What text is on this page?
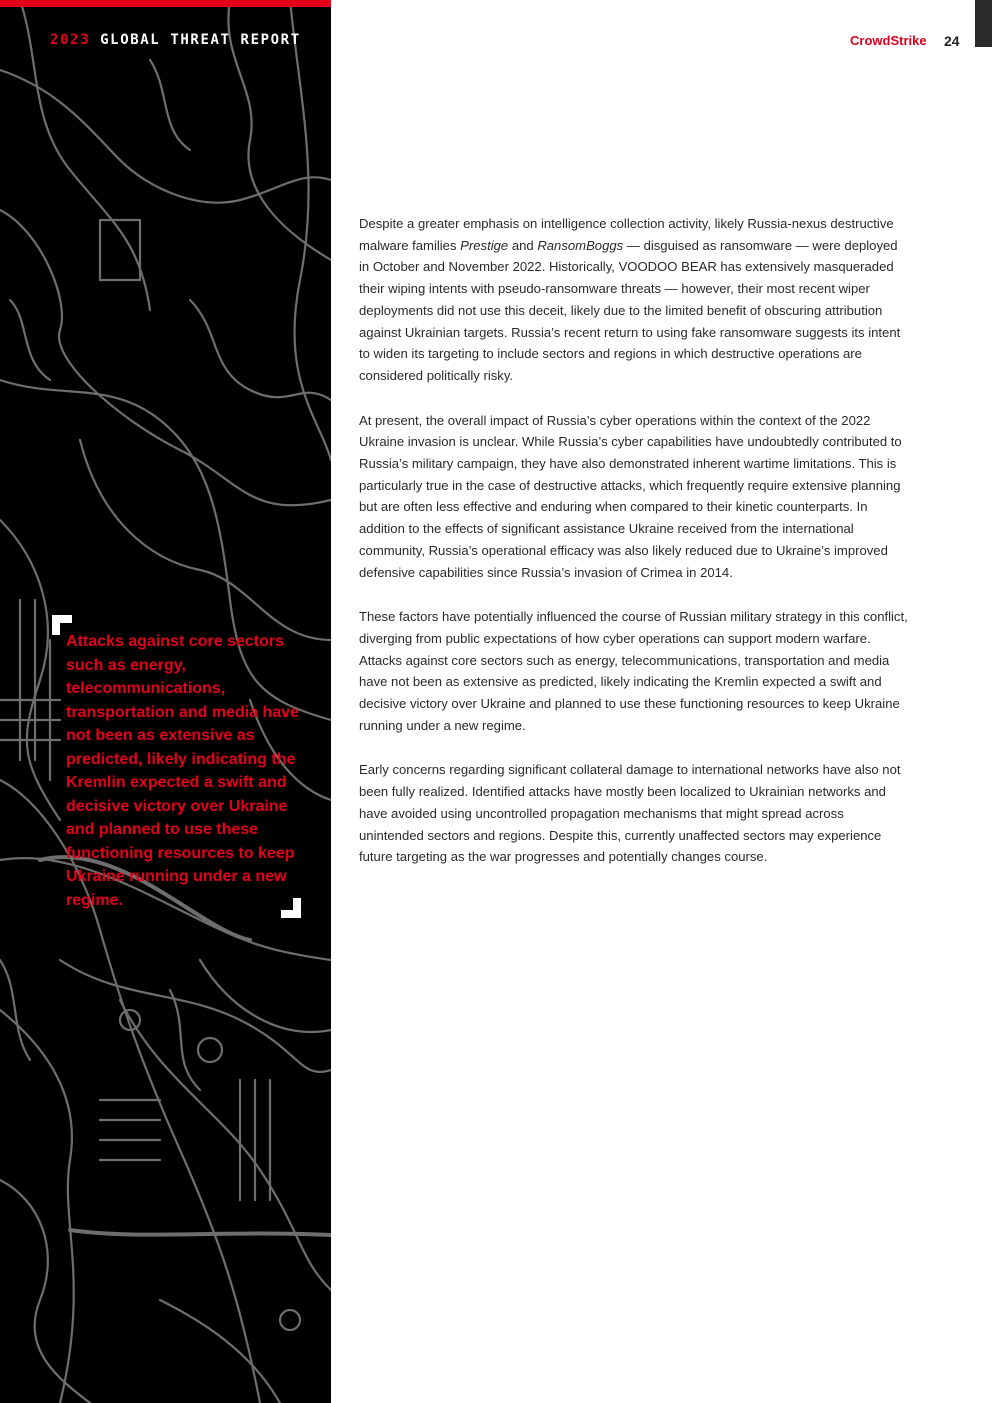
2023 GLOBAL THREAT REPORT	CrowdStrike 24
Attacks against core sectors such as energy, telecommunications, transportation and media have not been as extensive as predicted, likely indicating the Kremlin expected a swift and decisive victory over Ukraine and planned to use these functioning resources to keep Ukraine running under a new regime.

Despite a greater emphasis on intelligence collection activity, likely Russia-nexus destructive malware families Prestige and RansomBoggs — disguised as ransomware — were deployed in October and November 2022. Historically, VOODOO BEAR has extensively masqueraded their wiping intents with pseudo-ransomware threats — however, their most recent wiper deployments did not use this deceit, likely due to the limited benefit of obscuring attribution against Ukrainian targets. Russia’s recent return to using fake ransomware suggests its intent to widen its targeting to include sectors and regions in which destructive operations are considered politically risky.

At present, the overall impact of Russia’s cyber operations within the context of the 2022 Ukraine invasion is unclear. While Russia’s cyber capabilities have undoubtedly contributed to Russia’s military campaign, they have also demonstrated inherent wartime limitations. This is particularly true in the case of destructive attacks, which frequently require extensive planning but are often less effective and enduring when compared to their kinetic counterparts. In addition to the effects of significant assistance Ukraine received from the international community, Russia’s operational efficacy was also likely reduced due to Ukraine’s improved defensive capabilities since Russia’s invasion of Crimea in 2014.

These factors have potentially influenced the course of Russian military strategy in this conflict, diverging from public expectations of how cyber operations can support modern warfare. Attacks against core sectors such as energy, telecommunications, transportation and media have not been as extensive as predicted, likely indicating the Kremlin expected a swift and decisive victory over Ukraine and planned to use these functioning resources to keep Ukraine running under a new regime.

Early concerns regarding significant collateral damage to international networks have also not been fully realized. Identified attacks have mostly been localized to Ukrainian networks and have avoided using uncontrolled propagation mechanisms that might spread across unintended sectors and regions. Despite this, currently unaffected sectors may experience future targeting as the war progresses and potentially changes course.
